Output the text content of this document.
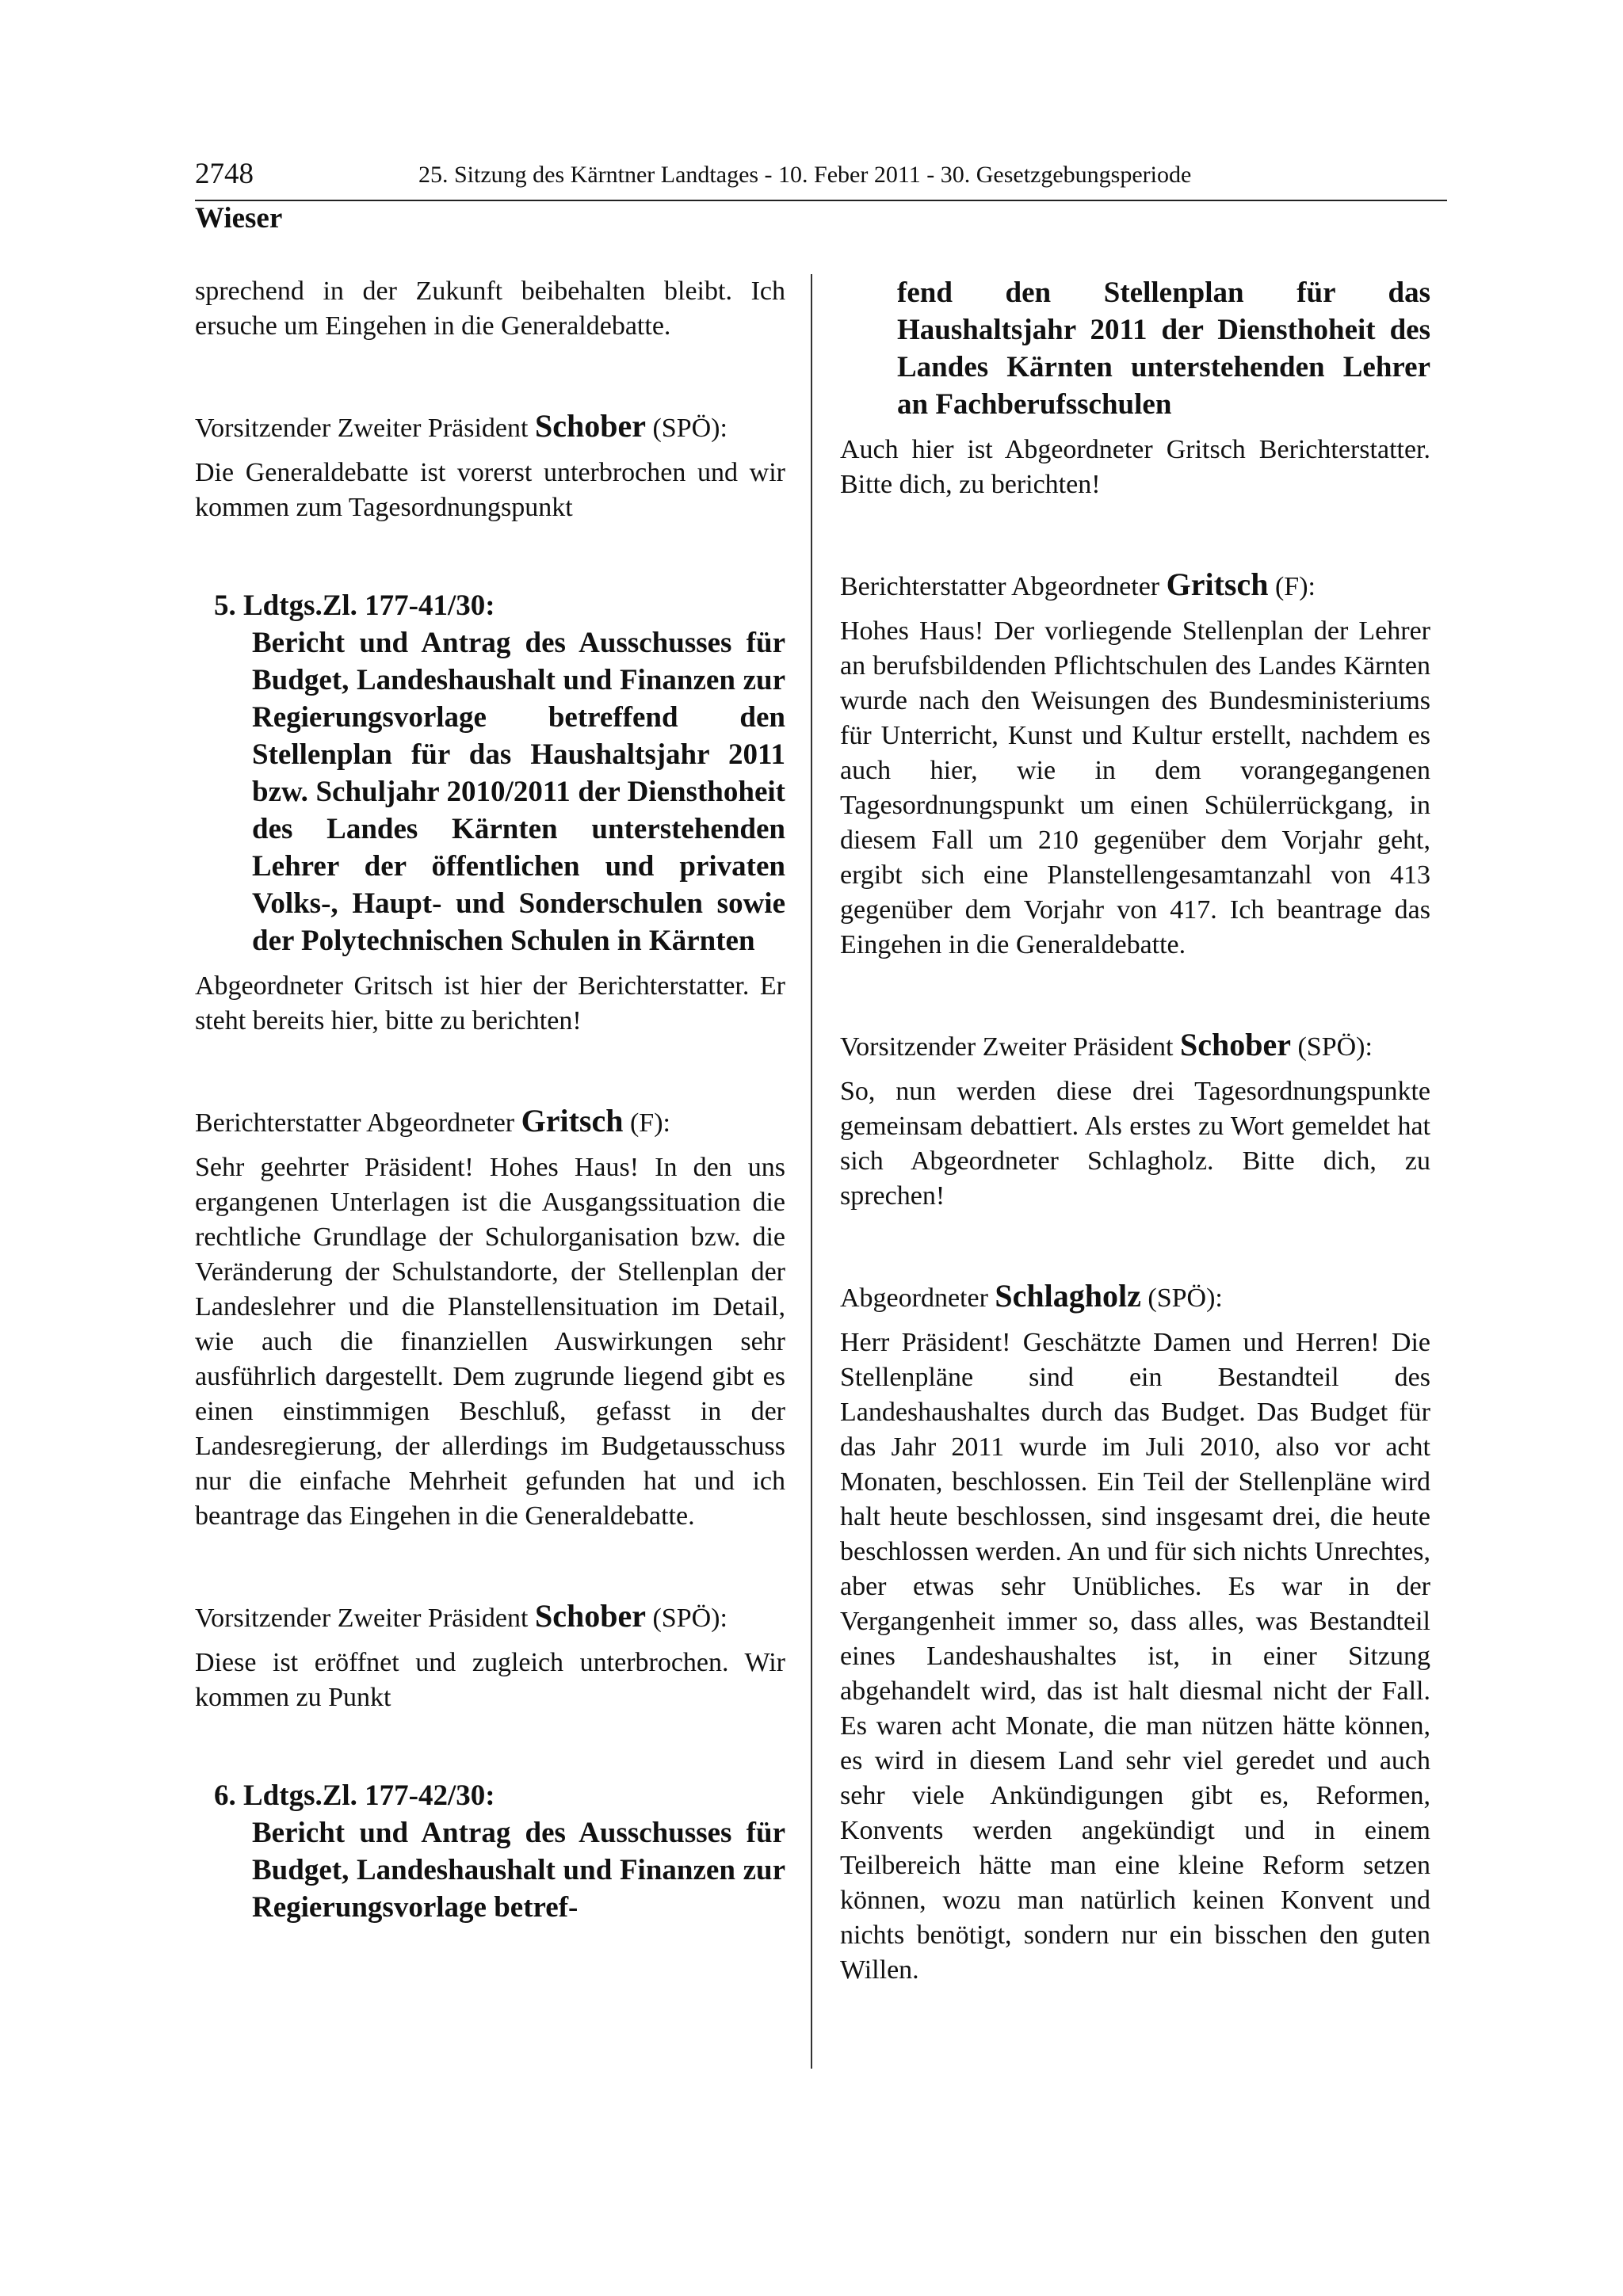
2748	25. Sitzung des Kärntner Landtages - 10. Feber 2011 - 30. Gesetzgebungsperiode
Wieser

sprechend in der Zukunft beibehalten bleibt. Ich ersuche um Eingehen in die Generaldebatte.

Vorsitzender Zweiter Präsident Schober (SPÖ):

Die Generaldebatte ist vorerst unterbrochen und wir kommen zum Tagesordnungspunkt

5. Ldtgs.Zl. 177-41/30:
Bericht und Antrag des Ausschusses für Budget, Landeshaushalt und Finanzen zur Regierungsvorlage betreffend den Stellenplan für das Haushaltsjahr 2011 bzw. Schuljahr 2010/2011 der Diensthoheit des Landes Kärnten unterstehenden Lehrer der öffentlichen und privaten Volks-, Haupt- und Sonderschulen sowie der Polytechnischen Schulen in Kärnten

Abgeordneter Gritsch ist hier der Berichterstatter. Er steht bereits hier, bitte zu berichten!

Berichterstatter Abgeordneter Gritsch (F):

Sehr geehrter Präsident! Hohes Haus! In den uns ergangenen Unterlagen ist die Ausgangssituation die rechtliche Grundlage der Schulorganisation bzw. die Veränderung der Schulstandorte, der Stellenplan der Landeslehrer und die Planstellensituation im Detail, wie auch die finanziellen Auswirkungen sehr ausführlich dargestellt. Dem zugrunde liegend gibt es einen einstimmigen Beschluß, gefasst in der Landesregierung, der allerdings im Budgetausschuss nur die einfache Mehrheit gefunden hat und ich beantrage das Eingehen in die Generaldebatte.

Vorsitzender Zweiter Präsident Schober (SPÖ):

Diese ist eröffnet und zugleich unterbrochen. Wir kommen zu Punkt

6. Ldtgs.Zl. 177-42/30:
Bericht und Antrag des Ausschusses für Budget, Landeshaushalt und Finanzen zur Regierungsvorlage betref-

fend den Stellenplan für das Haushaltsjahr 2011 der Diensthoheit des Landes Kärnten unterstehenden Lehrer an Fachberufsschulen

Auch hier ist Abgeordneter Gritsch Berichterstatter. Bitte dich, zu berichten!

Berichterstatter Abgeordneter Gritsch (F):

Hohes Haus! Der vorliegende Stellenplan der Lehrer an berufsbildenden Pflichtschulen des Landes Kärnten wurde nach den Weisungen des Bundesministeriums für Unterricht, Kunst und Kultur erstellt, nachdem es auch hier, wie in dem vorangegangenen Tagesordnungspunkt um einen Schülerrückgang, in diesem Fall um 210 gegenüber dem Vorjahr geht, ergibt sich eine Planstellengesamtanzahl von 413 gegenüber dem Vorjahr von 417. Ich beantrage das Eingehen in die Generaldebatte.

Vorsitzender Zweiter Präsident Schober (SPÖ):

So, nun werden diese drei Tagesordnungspunkte gemeinsam debattiert. Als erstes zu Wort gemeldet hat sich Abgeordneter Schlagholz. Bitte dich, zu sprechen!

Abgeordneter Schlagholz (SPÖ):

Herr Präsident! Geschätzte Damen und Herren! Die Stellenpläne sind ein Bestandteil des Landeshaushaltes durch das Budget. Das Budget für das Jahr 2011 wurde im Juli 2010, also vor acht Monaten, beschlossen. Ein Teil der Stellenpläne wird halt heute beschlossen, sind insgesamt drei, die heute beschlossen werden. An und für sich nichts Unrechtes, aber etwas sehr Unübliches. Es war in der Vergangenheit immer so, dass alles, was Bestandteil eines Landeshaushaltes ist, in einer Sitzung abgehandelt wird, das ist halt diesmal nicht der Fall. Es waren acht Monate, die man nützen hätte können, es wird in diesem Land sehr viel geredet und auch sehr viele Ankündigungen gibt es, Reformen, Konvents werden angekündigt und in einem Teilbereich hätte man eine kleine Reform setzen können, wozu man natürlich keinen Konvent und nichts benötigt, sondern nur ein bisschen den guten Willen.
